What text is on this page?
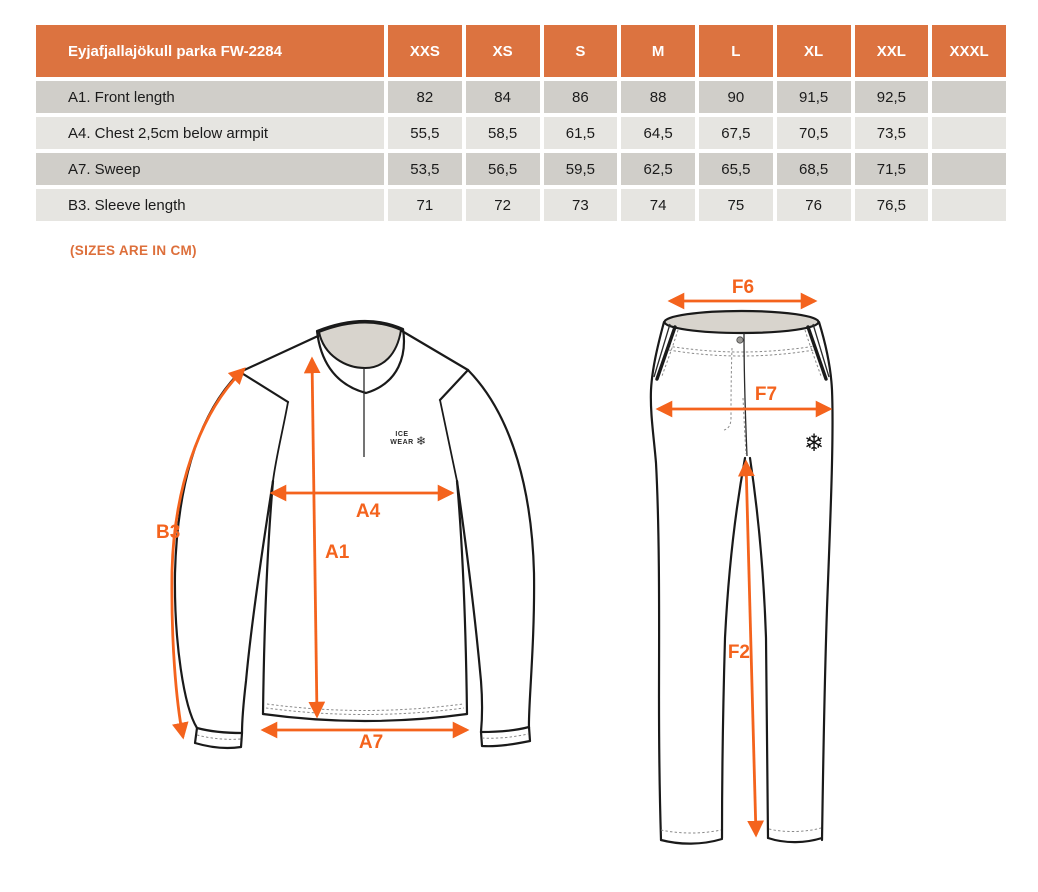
Eyjafjallajökull parka FW-2284	XXS	XS	S	M	L	XL	XXL	XXXL
A1. Front length	82	84	86	88	90	91,5	92,5	
A4. Chest 2,5cm below armpit	55,5	58,5	61,5	64,5	67,5	70,5	73,5	
A7. Sweep	53,5	56,5	59,5	62,5	65,5	68,5	71,5	
B3. Sleeve length	71	72	73	74	75	76	76,5	
(SIZES ARE IN CM)
ICE
WEAR ❄
B3
A1
A4
A7
❄
F6
F7
F2
